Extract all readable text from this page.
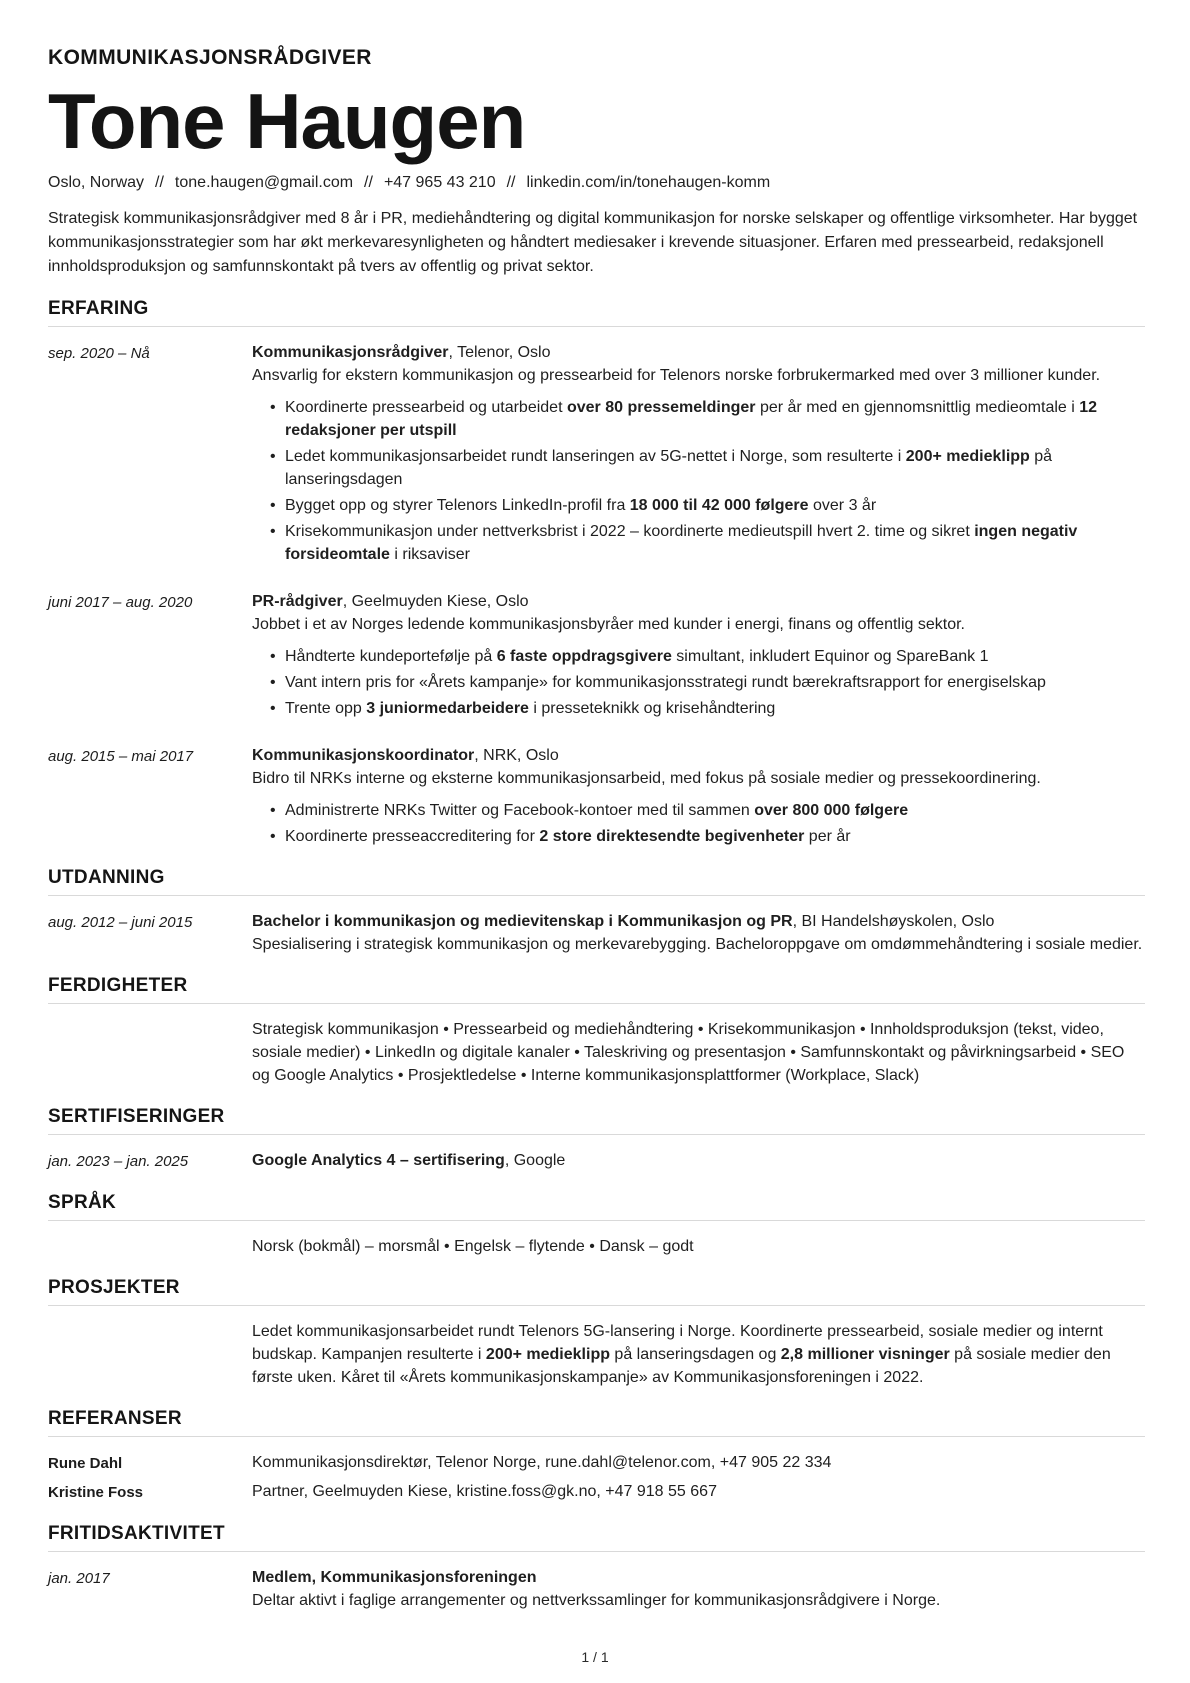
KOMMUNIKASJONSRÅDGIVER
Tone Haugen
Oslo, Norway // tone.haugen@gmail.com // +47 965 43 210 // linkedin.com/in/tonehaugen-komm

Strategisk kommunikasjonsrådgiver med 8 år i PR, mediehåndtering og digital kommunikasjon for norske selskaper og offentlige virksomheter. Har bygget kommunikasjonsstrategier som har økt merkevaresynligheten og håndtert mediesaker i krevende situasjoner. Erfaren med pressearbeid, redaksjonell innholdsproduksjon og samfunnskontakt på tvers av offentlig og privat sektor.

ERFARING
sep. 2020 – Nå	Kommunikasjonsrådgiver, Telenor, Oslo

Ansvarlig for ekstern kommunikasjon og pressearbeid for Telenors norske forbrukermarked med over 3 millioner kunder.

• Koordinerte pressearbeid og utarbeidet over 80 pressemeldinger per år med en gjennomsnittlig medieomtale i 12 redaksjoner per utspill
• Ledet kommunikasjonsarbeidet rundt lanseringen av 5G-nettet i Norge, som resulterte i 200+ medieklipp på lanseringsdagen
• Bygget opp og styrer Telenors LinkedIn-profil fra 18 000 til 42 000 følgere over 3 år
• Krisekommunikasjon under nettverksbrist i 2022 – koordinerte medieutspill hvert 2. time og sikret ingen negativ forsideomtale i riksaviser
juni 2017 – aug. 2020	PR-rådgiver, Geelmuyden Kiese, Oslo

Jobbet i et av Norges ledende kommunikasjonsbyråer med kunder i energi, finans og offentlig sektor.

• Håndterte kundeportefølje på 6 faste oppdragsgivere simultant, inkludert Equinor og SpareBank 1
• Vant intern pris for «Årets kampanje» for kommunikasjonsstrategi rundt bærekraftsrapport for energiselskap
• Trente opp 3 juniormedarbeidere i presseteknikk og krisehåndtering
aug. 2015 – mai 2017	Kommunikasjonskoordinator, NRK, Oslo

Bidro til NRKs interne og eksterne kommunikasjonsarbeid, med fokus på sosiale medier og pressekoordinering.

• Administrerte NRKs Twitter og Facebook-kontoer med til sammen over 800 000 følgere
• Koordinerte presseaccreditering for 2 store direktesendte begivenheter per år
UTDANNING
aug. 2012 – juni 2015	Bachelor i kommunikasjon og medievitenskap i Kommunikasjon og PR, BI Handelshøyskolen, Oslo

Spesialisering i strategisk kommunikasjon og merkevarebygging. Bacheloroppgave om omdømmehåndtering i sosiale medier.

FERDIGHETER

Strategisk kommunikasjon • Pressearbeid og mediehåndtering • Krisekommunikasjon • Innholdsproduksjon (tekst, video, sosiale medier) • LinkedIn og digitale kanaler • Taleskriving og presentasjon • Samfunnskontakt og påvirkningsarbeid • SEO og Google Analytics • Prosjektledelse • Interne kommunikasjonsplattformer (Workplace, Slack)

SERTIFISERINGER
jan. 2023 – jan. 2025	Google Analytics 4 – sertifisering, Google

SPRÅK

Norsk (bokmål) – morsmål • Engelsk – flytende • Dansk – godt

PROSJEKTER

Ledet kommunikasjonsarbeidet rundt Telenors 5G-lansering i Norge. Koordinerte pressearbeid, sosiale medier og internt budskap. Kampanjen resulterte i 200+ medieklipp på lanseringsdagen og 2,8 millioner visninger på sosiale medier den første uken. Kåret til «Årets kommunikasjonskampanje» av Kommunikasjonsforeningen i 2022.

REFERANSER
Rune Dahl	Kommunikasjonsdirektør, Telenor Norge, rune.dahl@telenor.com, +47 905 22 334

Kristine Foss	Partner, Geelmuyden Kiese, kristine.foss@gk.no, +47 918 55 667

FRITIDSAKTIVITET
jan. 2017	Medlem, Kommunikasjonsforeningen

Deltar aktivt i faglige arrangementer og nettverkssamlinger for kommunikasjonsrådgivere i Norge.

1 / 1
